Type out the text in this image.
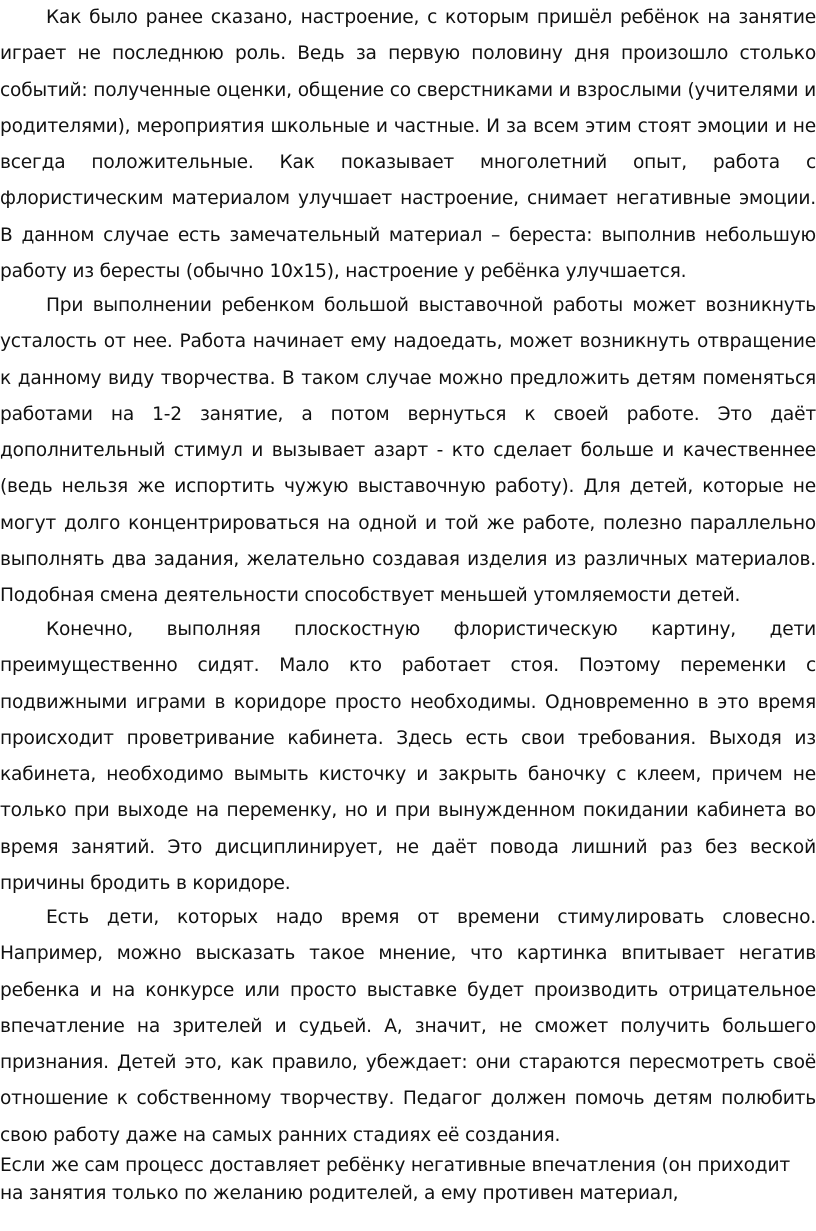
Как было ранее сказано, настроение, с которым пришёл ребёнок на занятие играет не последнюю роль. Ведь за первую половину дня произошло столько событий: полученные оценки, общение со сверстниками и взрослыми (учителями и родителями), мероприятия школьные и частные. И за всем этим стоят эмоции и не всегда положительные. Как показывает многолетний опыт, работа с флористическим материалом улучшает настроение, снимает негативные эмоции. В данном случае есть замечательный материал – береста: выполнив небольшую работу из бересты (обычно 10х15), настроение у ребёнка улучшается.

При выполнении ребенком большой выставочной работы может возникнуть усталость от нее. Работа начинает ему надоедать, может возникнуть отвращение к данному виду творчества. В таком случае можно предложить детям поменяться работами на 1-2 занятие, а потом вернуться к своей работе. Это даёт дополнительный стимул и вызывает азарт - кто сделает больше и качественнее (ведь нельзя же испортить чужую выставочную работу). Для детей, которые не могут долго концентрироваться на одной и той же работе, полезно параллельно выполнять два задания, желательно создавая изделия из различных материалов. Подобная смена деятельности способствует меньшей утомляемости детей.

Конечно, выполняя плоскостную флористическую картину, дети преимущественно сидят. Мало кто работает стоя. Поэтому переменки с подвижными играми в коридоре просто необходимы. Одновременно в это время происходит проветривание кабинета. Здесь есть свои требования. Выходя из кабинета, необходимо вымыть кисточку и закрыть баночку с клеем, причем не только при выходе на переменку, но и при вынужденном покидании кабинета во время занятий. Это дисциплинирует, не даёт повода лишний раз без веской причины бродить в коридоре.

Есть дети, которых надо время от времени стимулировать словесно. Например, можно высказать такое мнение, что картинка впитывает негатив ребенка и на конкурсе или просто выставке будет производить отрицательное впечатление на зрителей и судьей. А, значит, не сможет получить большего признания. Детей это, как правило, убеждает: они стараются пересмотреть своё отношение к собственному творчеству. Педагог должен помочь детям полюбить свою работу даже на самых ранних стадиях её создания.

Если же сам процесс доставляет ребёнку негативные впечатления (он приходит
на занятия только по желанию родителей, а ему противен материал,
